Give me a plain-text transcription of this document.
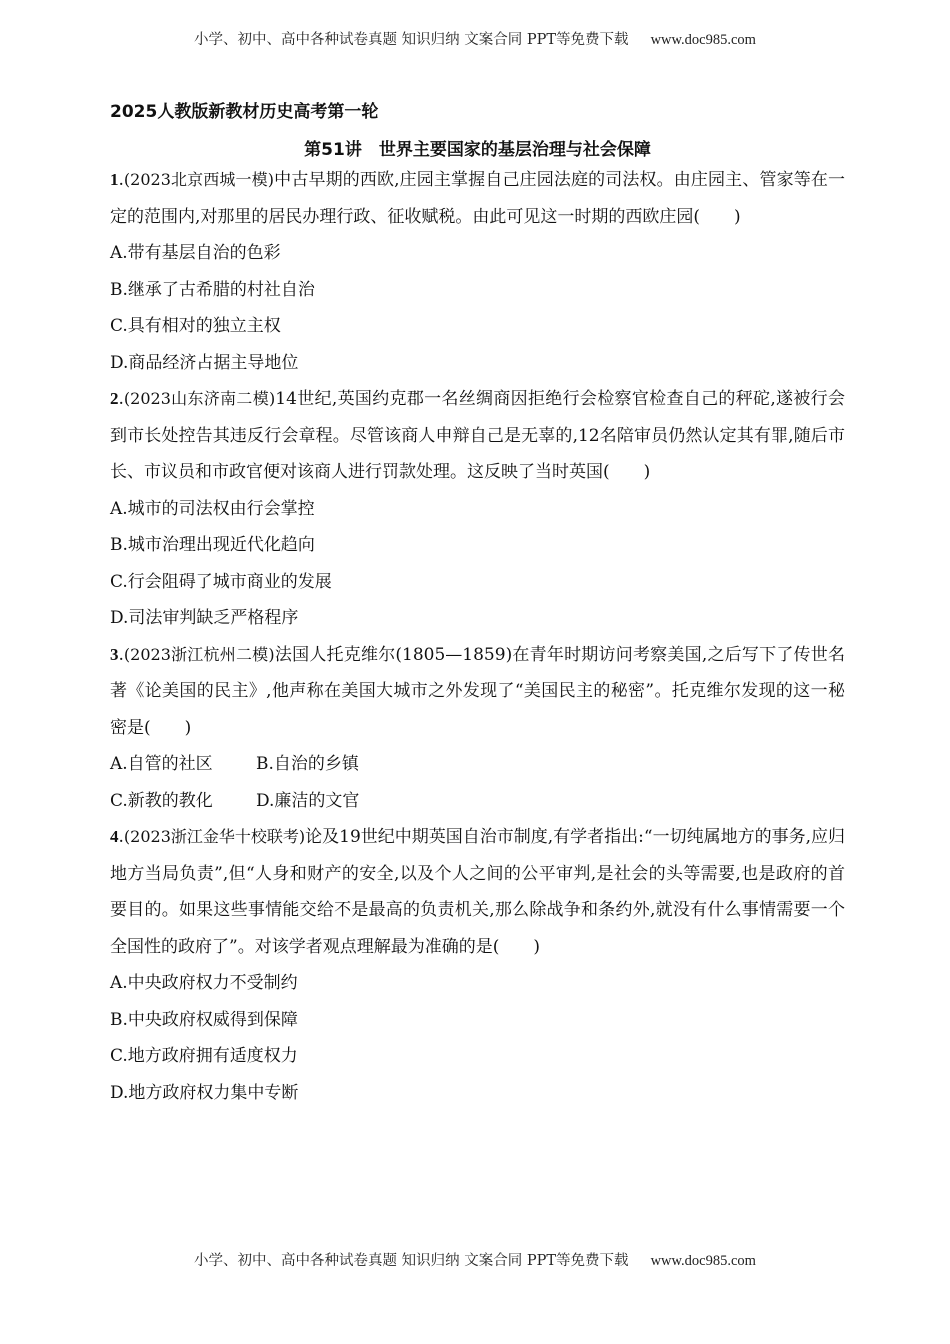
小学、初中、高中各种试卷真题 知识归纳 文案合同 PPT等免费下载 www.doc985.com
2025人教版新教材历史高考第一轮
第51讲　世界主要国家的基层治理与社会保障

1.(2023北京西城一模)中古早期的西欧,庄园主掌握自己庄园法庭的司法权。由庄园主、管家等在一定的范围内,对那里的居民办理行政、征收赋税。由此可见这一时期的西欧庄园(　　)

A.带有基层自治的色彩

B.继承了古希腊的村社自治

C.具有相对的独立主权

D.商品经济占据主导地位

2.(2023山东济南二模)14世纪,英国约克郡一名丝绸商因拒绝行会检察官检查自己的秤砣,遂被行会到市长处控告其违反行会章程。尽管该商人申辩自己是无辜的,12名陪审员仍然认定其有罪,随后市长、市议员和市政官便对该商人进行罚款处理。这反映了当时英国(　　)

A.城市的司法权由行会掌控

B.城市治理出现近代化趋向

C.行会阻碍了城市商业的发展

D.司法审判缺乏严格程序

3.(2023浙江杭州二模)法国人托克维尔(1805—1859)在青年时期访问考察美国,之后写下了传世名著《论美国的民主》,他声称在美国大城市之外发现了“美国民主的秘密”。托克维尔发现的这一秘密是(　　)

A.自管的社区	B.自治的乡镇
C.新教的教化	D.廉洁的文官

4.(2023浙江金华十校联考)论及19世纪中期英国自治市制度,有学者指出:“一切纯属地方的事务,应归地方当局负责”,但“人身和财产的安全,以及个人之间的公平审判,是社会的头等需要,也是政府的首要目的。如果这些事情能交给不是最高的负责机关,那么除战争和条约外,就没有什么事情需要一个全国性的政府了”。对该学者观点理解最为准确的是(　　)

A.中央政府权力不受制约

B.中央政府权威得到保障

C.地方政府拥有适度权力

D.地方政府权力集中专断

小学、初中、高中各种试卷真题 知识归纳 文案合同 PPT等免费下载 www.doc985.com
